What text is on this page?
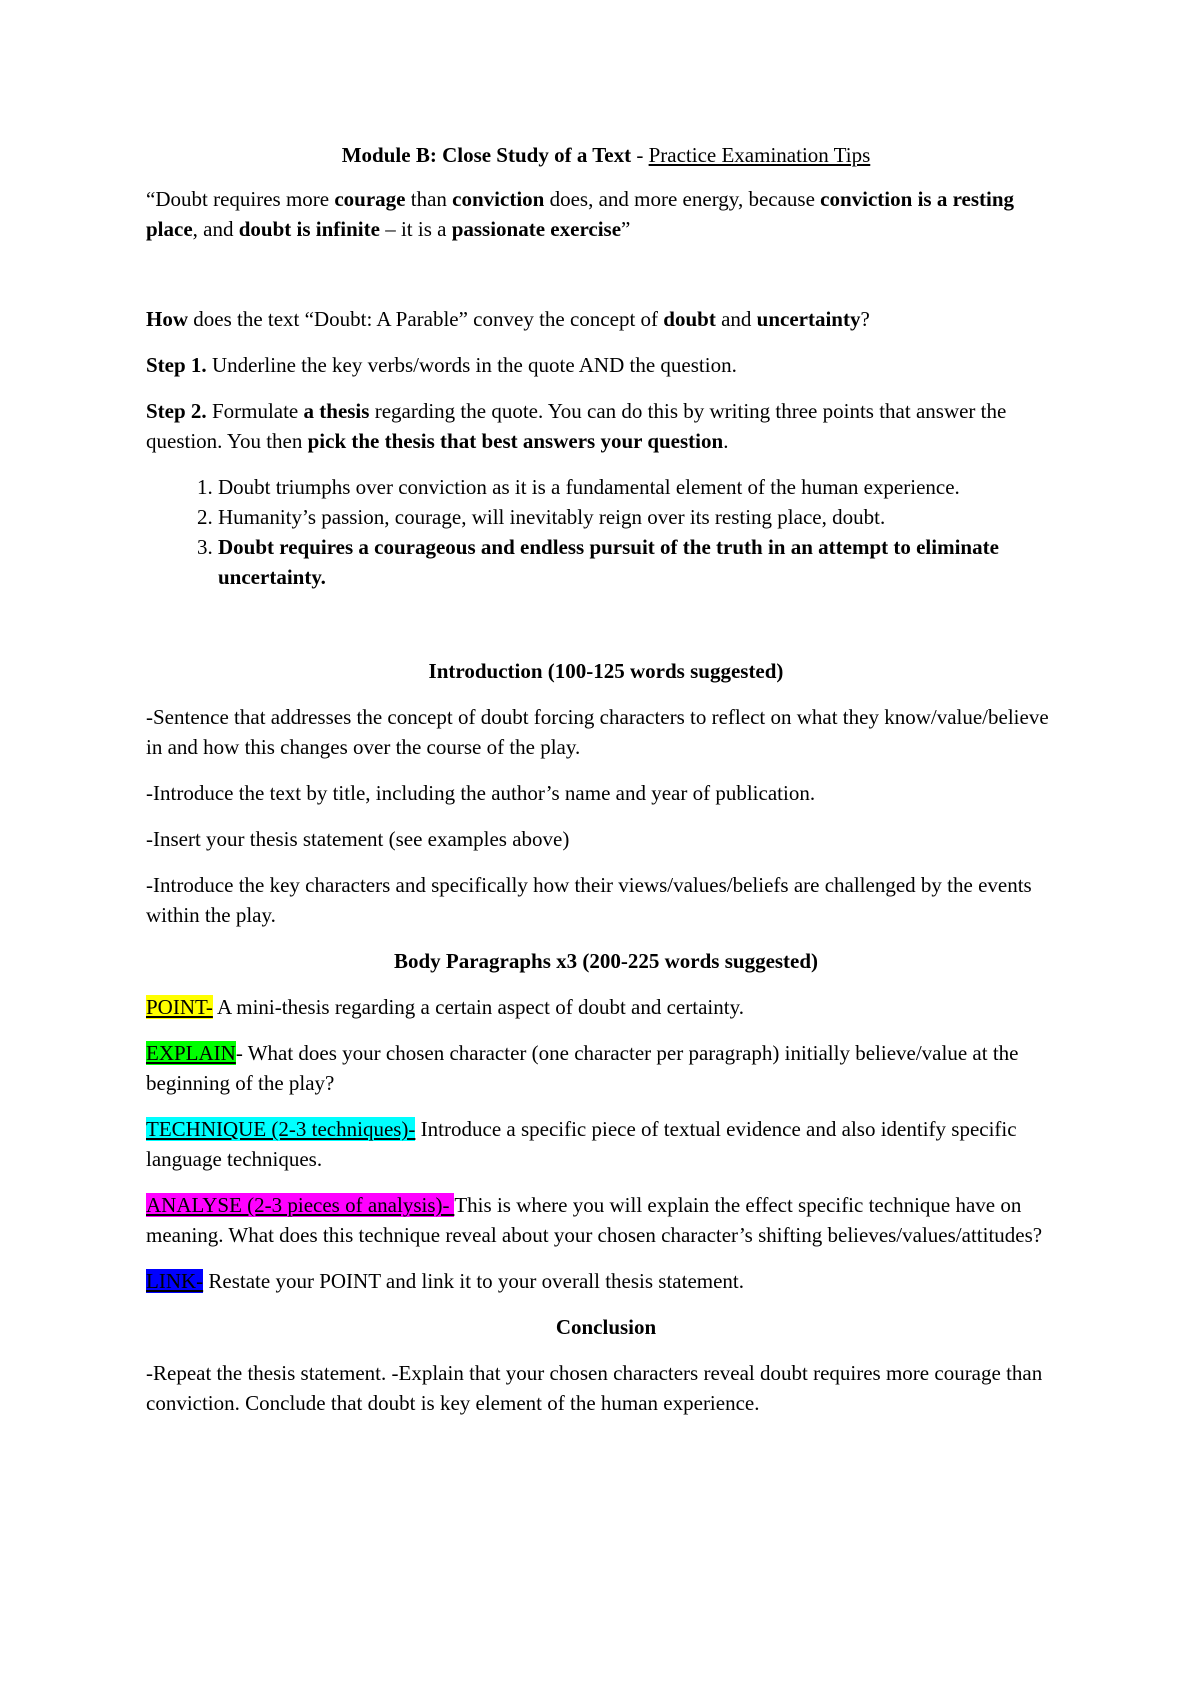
Module B: Close Study of a Text - Practice Examination Tips

“Doubt requires more courage than conviction does, and more energy, because conviction is a resting place, and doubt is infinite – it is a passionate exercise”

How does the text “Doubt: A Parable” convey the concept of doubt and uncertainty?

Step 1. Underline the key verbs/words in the quote AND the question.

Step 2. Formulate a thesis regarding the quote. You can do this by writing three points that answer the question. You then pick the thesis that best answers your question.

1. Doubt triumphs over conviction as it is a fundamental element of the human experience.
2. Humanity’s passion, courage, will inevitably reign over its resting place, doubt.
3. Doubt requires a courageous and endless pursuit of the truth in an attempt to eliminate uncertainty.

Introduction (100-125 words suggested)

-Sentence that addresses the concept of doubt forcing characters to reflect on what they know/value/believe in and how this changes over the course of the play.

-Introduce the text by title, including the author’s name and year of publication.

-Insert your thesis statement (see examples above)

-Introduce the key characters and specifically how their views/values/beliefs are challenged by the events within the play.

Body Paragraphs x3 (200-225 words suggested)

POINT- A mini-thesis regarding a certain aspect of doubt and certainty.

EXPLAIN- What does your chosen character (one character per paragraph) initially believe/value at the beginning of the play?

TECHNIQUE (2-3 techniques)- Introduce a specific piece of textual evidence and also identify specific language techniques.

ANALYSE (2-3 pieces of analysis)- This is where you will explain the effect specific technique have on meaning. What does this technique reveal about your chosen character’s shifting believes/values/attitudes?

LINK- Restate your POINT and link it to your overall thesis statement.

Conclusion

-Repeat the thesis statement. -Explain that your chosen characters reveal doubt requires more courage than conviction. Conclude that doubt is key element of the human experience.
